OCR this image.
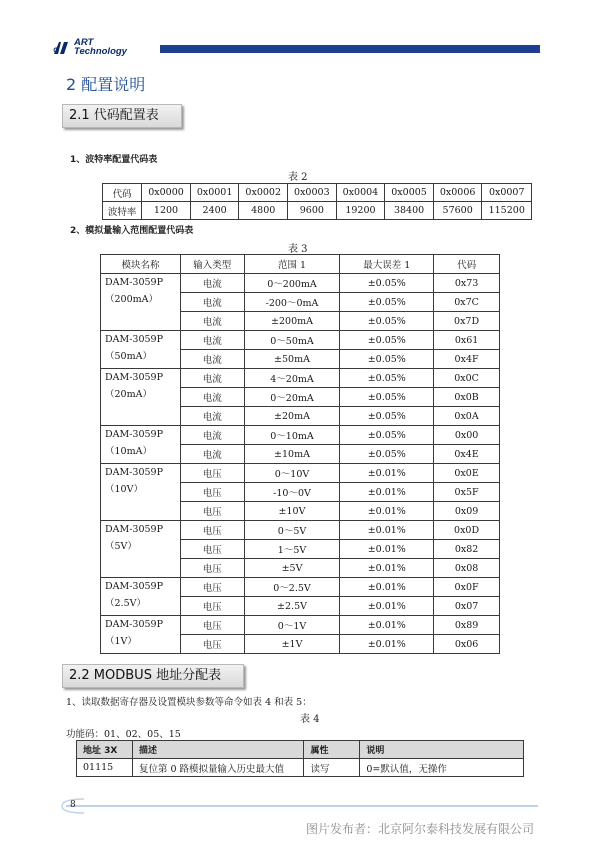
ART
Technology
2 配置说明
2.1 代码配置表
1、波特率配置代码表
表 2
代码	0x0000	0x0001	0x0002	0x0003	0x0004	0x0005	0x0006	0x0007
波特率	1200	2400	4800	9600	19200	38400	57600	115200
2、模拟量输入范围配置代码表
表 3
模块名称	输入类型	范围 1	最大误差 1	代码

DAM-3059P
（200mA）	电流	0～200mA	±0.05%	0x73
	电流	-200～0mA	±0.05%	0x7C
	电流	±200mA	±0.05%	0x7D

DAM-3059P
（50mA）	电流	0～50mA	±0.05%	0x61
	电流	±50mA	±0.05%	0x4F

DAM-3059P
（20mA）	电流	4～20mA	±0.05%	0x0C
	电流	0～20mA	±0.05%	0x0B
	电流	±20mA	±0.05%	0x0A

DAM-3059P
（10mA）	电流	0～10mA	±0.05%	0x00
	电流	±10mA	±0.05%	0x4E

DAM-3059P
（10V）	电压	0～10V	±0.01%	0x0E
	电压	-10～0V	±0.01%	0x5F
	电压	±10V	±0.01%	0x09

DAM-3059P
（5V）	电压	0～5V	±0.01%	0x0D
	电压	1～5V	±0.01%	0x82
	电压	±5V	±0.01%	0x08

DAM-3059P
（2.5V）	电压	0～2.5V	±0.01%	0x0F
	电压	±2.5V	±0.01%	0x07

DAM-3059P
（1V）	电压	0～1V	±0.01%	0x89
	电压	±1V	±0.01%	0x06
2.2 MODBUS 地址分配表
1、读取数据寄存器及设置模块参数等命令如表 4 和表 5：
表 4
功能码：01、02、05、15
地址 3X	描述	属性	说明
01115	复位第 0 路模拟量输入历史最大值	读写	0=默认值，无操作
8
图片发布者：北京阿尔泰科技发展有限公司
